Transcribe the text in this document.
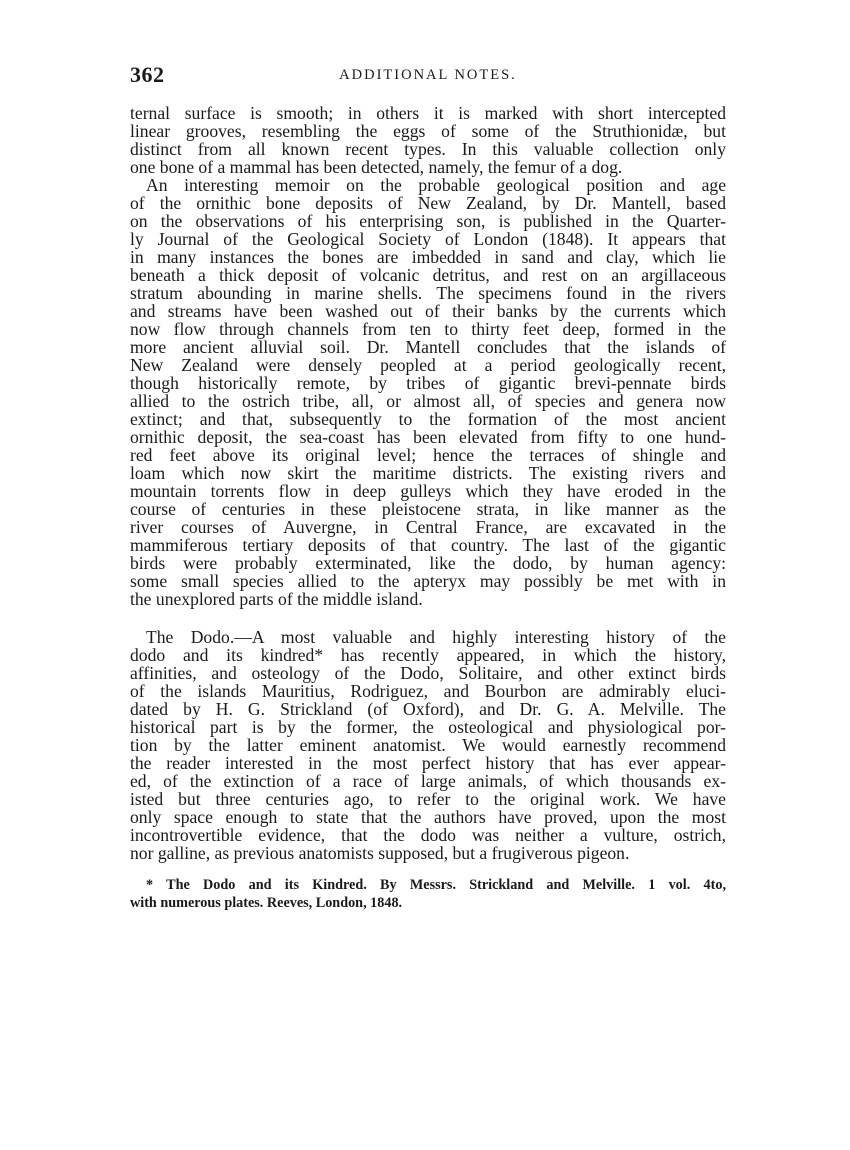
362	ADDITIONAL NOTES.
ternal surface is smooth; in others it is marked with short intercepted
linear grooves, resembling the eggs of some of the Struthionidæ, but
distinct from all known recent types. In this valuable collection only
one bone of a mammal has been detected, namely, the femur of a dog.
An interesting memoir on the probable geological position and age
of the ornithic bone deposits of New Zealand, by Dr. Mantell, based
on the observations of his enterprising son, is published in the Quarter-
ly Journal of the Geological Society of London (1848). It appears that
in many instances the bones are imbedded in sand and clay, which lie
beneath a thick deposit of volcanic detritus, and rest on an argillaceous
stratum abounding in marine shells. The specimens found in the rivers
and streams have been washed out of their banks by the currents which
now flow through channels from ten to thirty feet deep, formed in the
more ancient alluvial soil. Dr. Mantell concludes that the islands of
New Zealand were densely peopled at a period geologically recent,
though historically remote, by tribes of gigantic brevi-pennate birds
allied to the ostrich tribe, all, or almost all, of species and genera now
extinct; and that, subsequently to the formation of the most ancient
ornithic deposit, the sea-coast has been elevated from fifty to one hund-
red feet above its original level; hence the terraces of shingle and
loam which now skirt the maritime districts. The existing rivers and
mountain torrents flow in deep gulleys which they have eroded in the
course of centuries in these pleistocene strata, in like manner as the
river courses of Auvergne, in Central France, are excavated in the
mammiferous tertiary deposits of that country. The last of the gigantic
birds were probably exterminated, like the dodo, by human agency:
some small species allied to the apteryx may possibly be met with in
the unexplored parts of the middle island.
The Dodo.—A most valuable and highly interesting history of the
dodo and its kindred* has recently appeared, in which the history,
affinities, and osteology of the Dodo, Solitaire, and other extinct birds
of the islands Mauritius, Rodriguez, and Bourbon are admirably eluci-
dated by H. G. Strickland (of Oxford), and Dr. G. A. Melville. The
historical part is by the former, the osteological and physiological por-
tion by the latter eminent anatomist. We would earnestly recommend
the reader interested in the most perfect history that has ever appear-
ed, of the extinction of a race of large animals, of which thousands ex-
isted but three centuries ago, to refer to the original work. We have
only space enough to state that the authors have proved, upon the most
incontrovertible evidence, that the dodo was neither a vulture, ostrich,
nor galline, as previous anatomists supposed, but a frugiverous pigeon.
* The Dodo and its Kindred. By Messrs. Strickland and Melville. 1 vol. 4to,
with numerous plates. Reeves, London, 1848.
